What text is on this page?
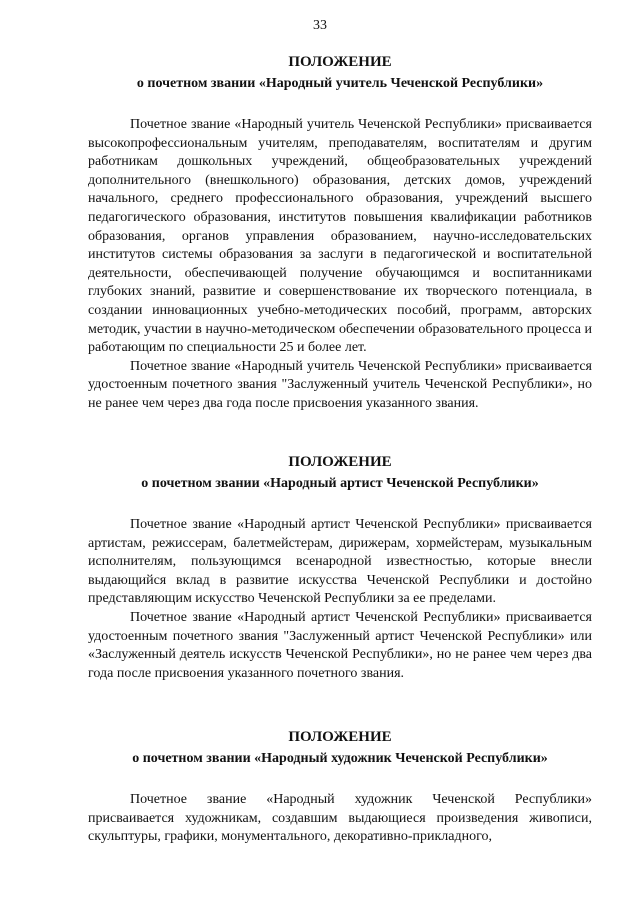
33
ПОЛОЖЕНИЕ
о почетном звании «Народный учитель Чеченской Республики»

Почетное звание «Народный учитель Чеченской Республики» присваивается высокопрофессиональным учителям, преподавателям, воспитателям и другим работникам дошкольных учреждений, общеобразовательных учреждений дополнительного (внешкольного) образования, детских домов, учреждений начального, среднего профессионального образования, учреждений высшего педагогического образования, институтов повышения квалификации работников образования, органов управления образованием, научно-исследовательских институтов системы образования за заслуги в педагогической и воспитательной деятельности, обеспечивающей получение обучающимся и воспитанниками глубоких знаний, развитие и совершенствование их творческого потенциала, в создании инновационных учебно-методических пособий, программ, авторских методик, участии в научно-методическом обеспечении образовательного процесса и работающим по специальности 25 и более лет.

Почетное звание «Народный учитель Чеченской Республики» присваивается удостоенным почетного звания "Заслуженный учитель Чеченской Республики», но не ранее чем через два года после присвоения указанного звания.

ПОЛОЖЕНИЕ
о почетном звании «Народный артист Чеченской Республики»

Почетное звание «Народный артист Чеченской Республики» присваивается артистам, режиссерам, балетмейстерам, дирижерам, хормейстерам, музыкальным исполнителям, пользующимся всенародной известностью, которые внесли выдающийся вклад в развитие искусства Чеченской Республики и достойно представляющим искусство Чеченской Республики за ее пределами.

Почетное звание «Народный артист Чеченской Республики» присваивается удостоенным почетного звания "Заслуженный артист Чеченской Республики» или «Заслуженный деятель искусств Чеченской Республики», но не ранее чем через два года после присвоения указанного почетного звания.

ПОЛОЖЕНИЕ
о почетном звании «Народный художник Чеченской Республики»

Почетное звание «Народный художник Чеченской Республики» присваивается художникам, создавшим выдающиеся произведения живописи, скульптуры, графики, монументального, декоративно-прикладного,
